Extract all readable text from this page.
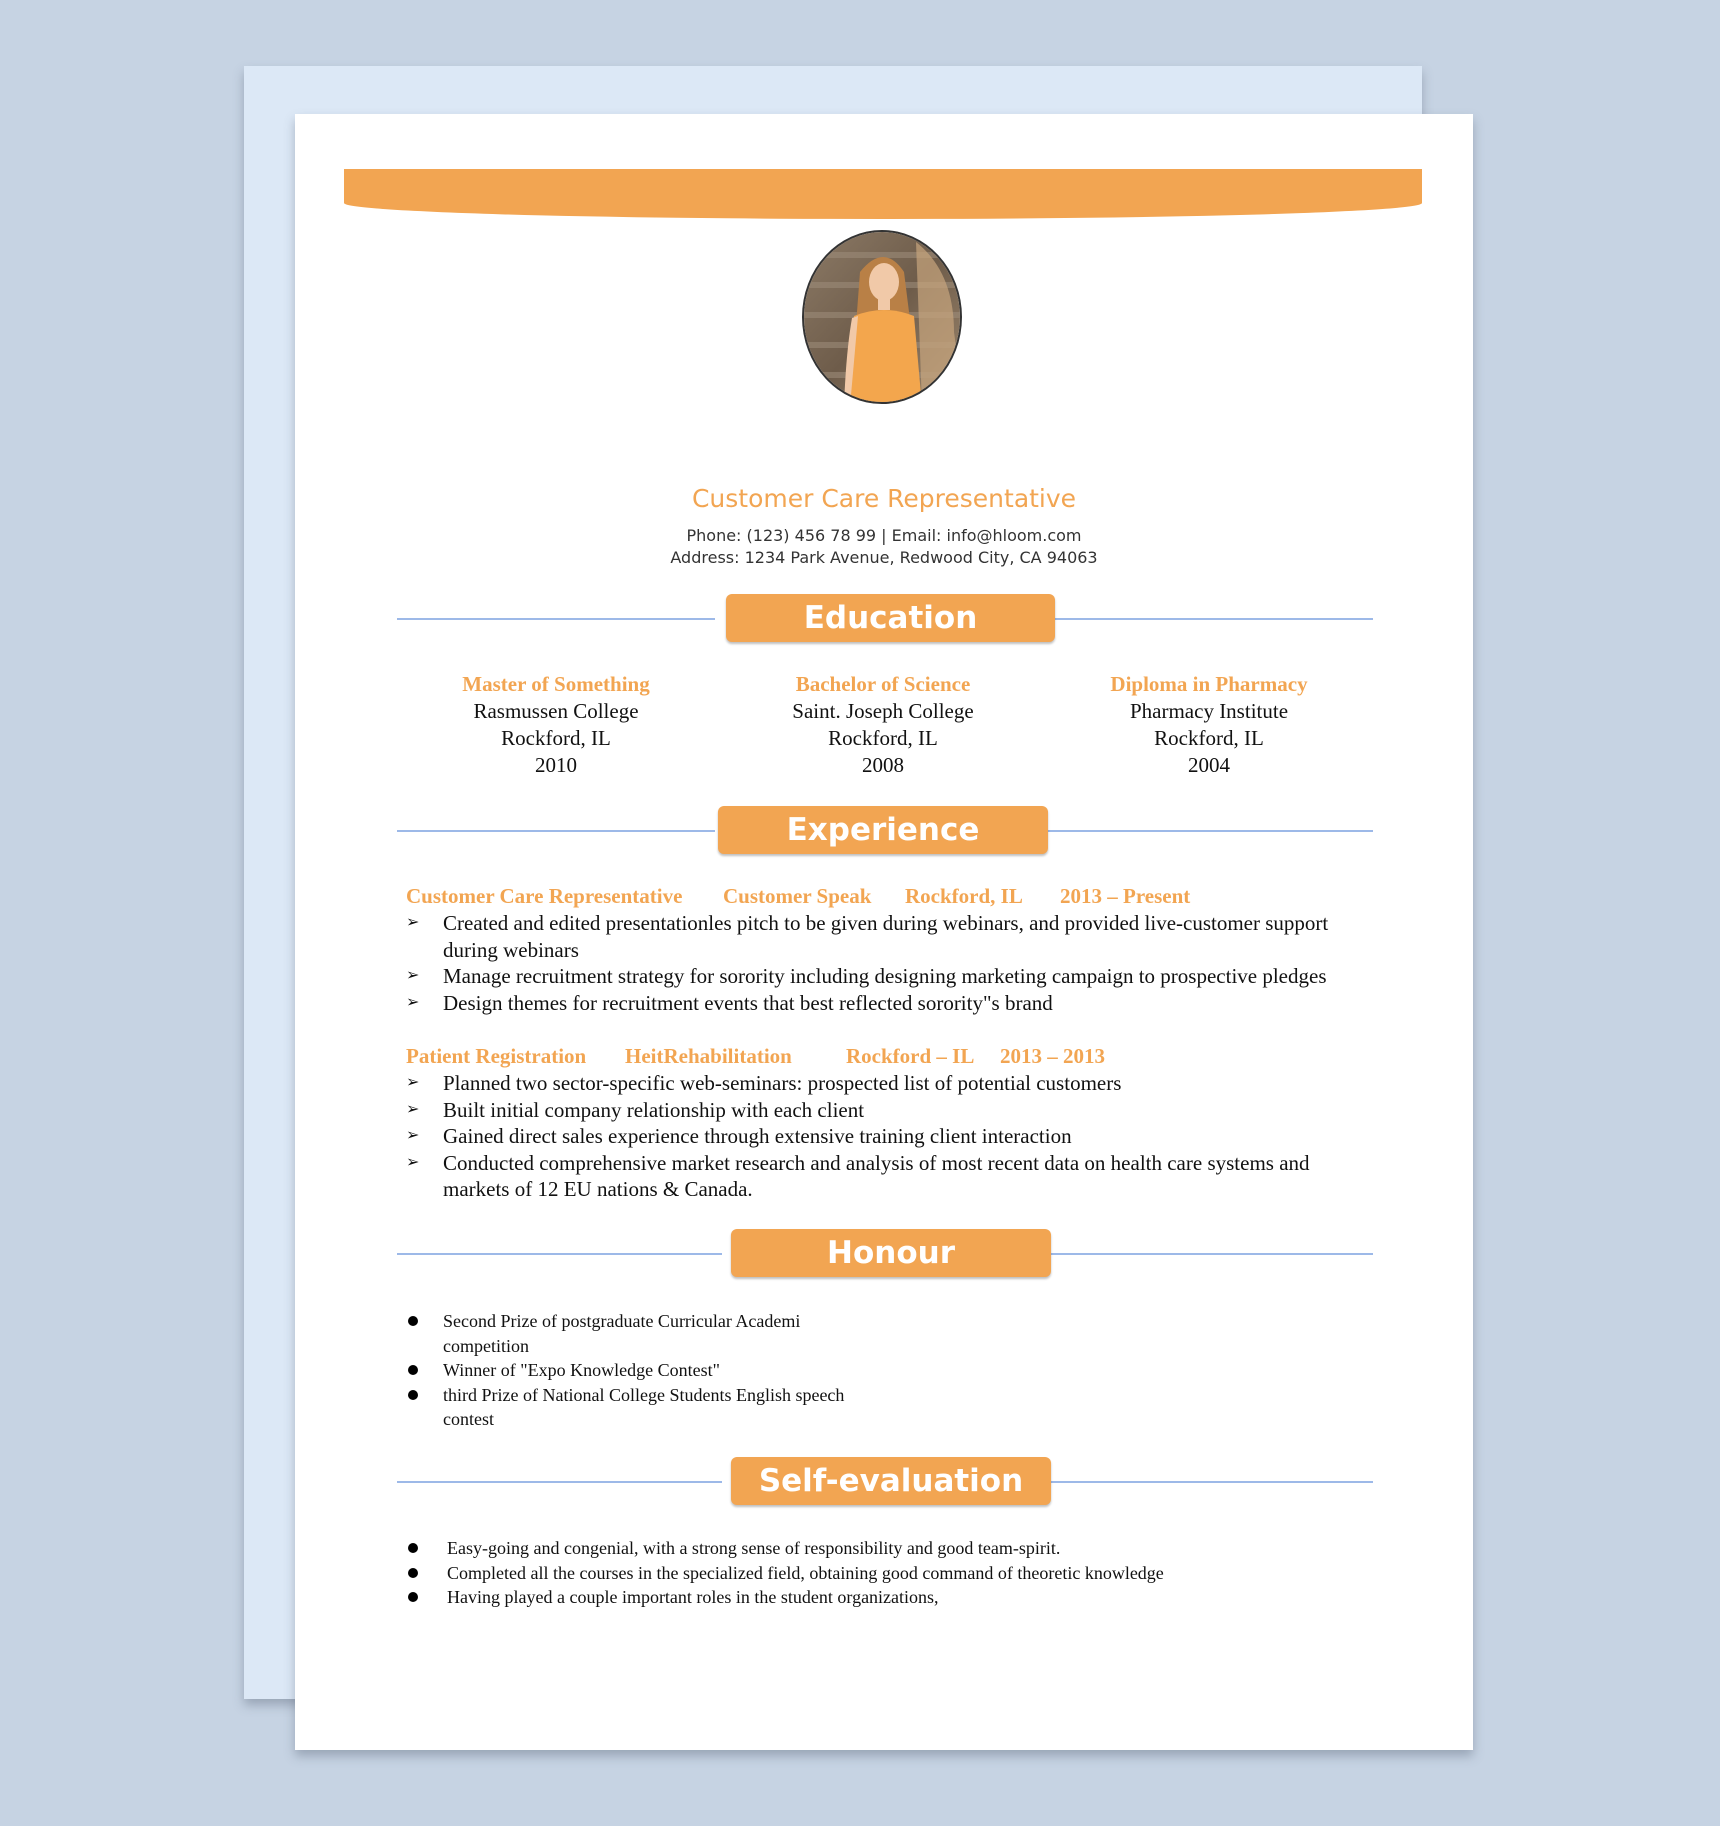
Customer Care Representative
Phone: (123) 456 78 99 | Email: info@hloom.com
Address: 1234 Park Avenue, Redwood City, CA 94063
Education
Master of Something
Rasmussen College
Rockford, IL
2010
Bachelor of Science
Saint. Joseph College
Rockford, IL
2008
Diploma in Pharmacy
Pharmacy Institute
Rockford, IL
2004
Experience
Customer Care Representative Customer Speak Rockford, IL 2013 – Present
➢ Created and edited presentationles pitch to be given during webinars, and provided live-customer support during webinars
➢ Manage recruitment strategy for sorority including designing marketing campaign to prospective pledges
➢ Design themes for recruitment events that best reflected sorority"s brand
Patient Registration HeitRehabilitation	Rockford – IL 2013 – 2013
➢ Planned two sector-specific web-seminars: prospected list of potential customers
➢ Built initial company relationship with each client
➢ Gained direct sales experience through extensive training client interaction
➢ Conducted comprehensive market research and analysis of most recent data on health care systems and markets of 12 EU nations & Canada.
Honour
Second Prize of postgraduate Curricular Academi competition
Winner of "Expo Knowledge Contest"
third Prize of National College Students English speech contest
Self-evaluation
Easy-going and congenial, with a strong sense of responsibility and good team-spirit.
Completed all the courses in the specialized field, obtaining good command of theoretic knowledge
Having played a couple important roles in the student organizations,
